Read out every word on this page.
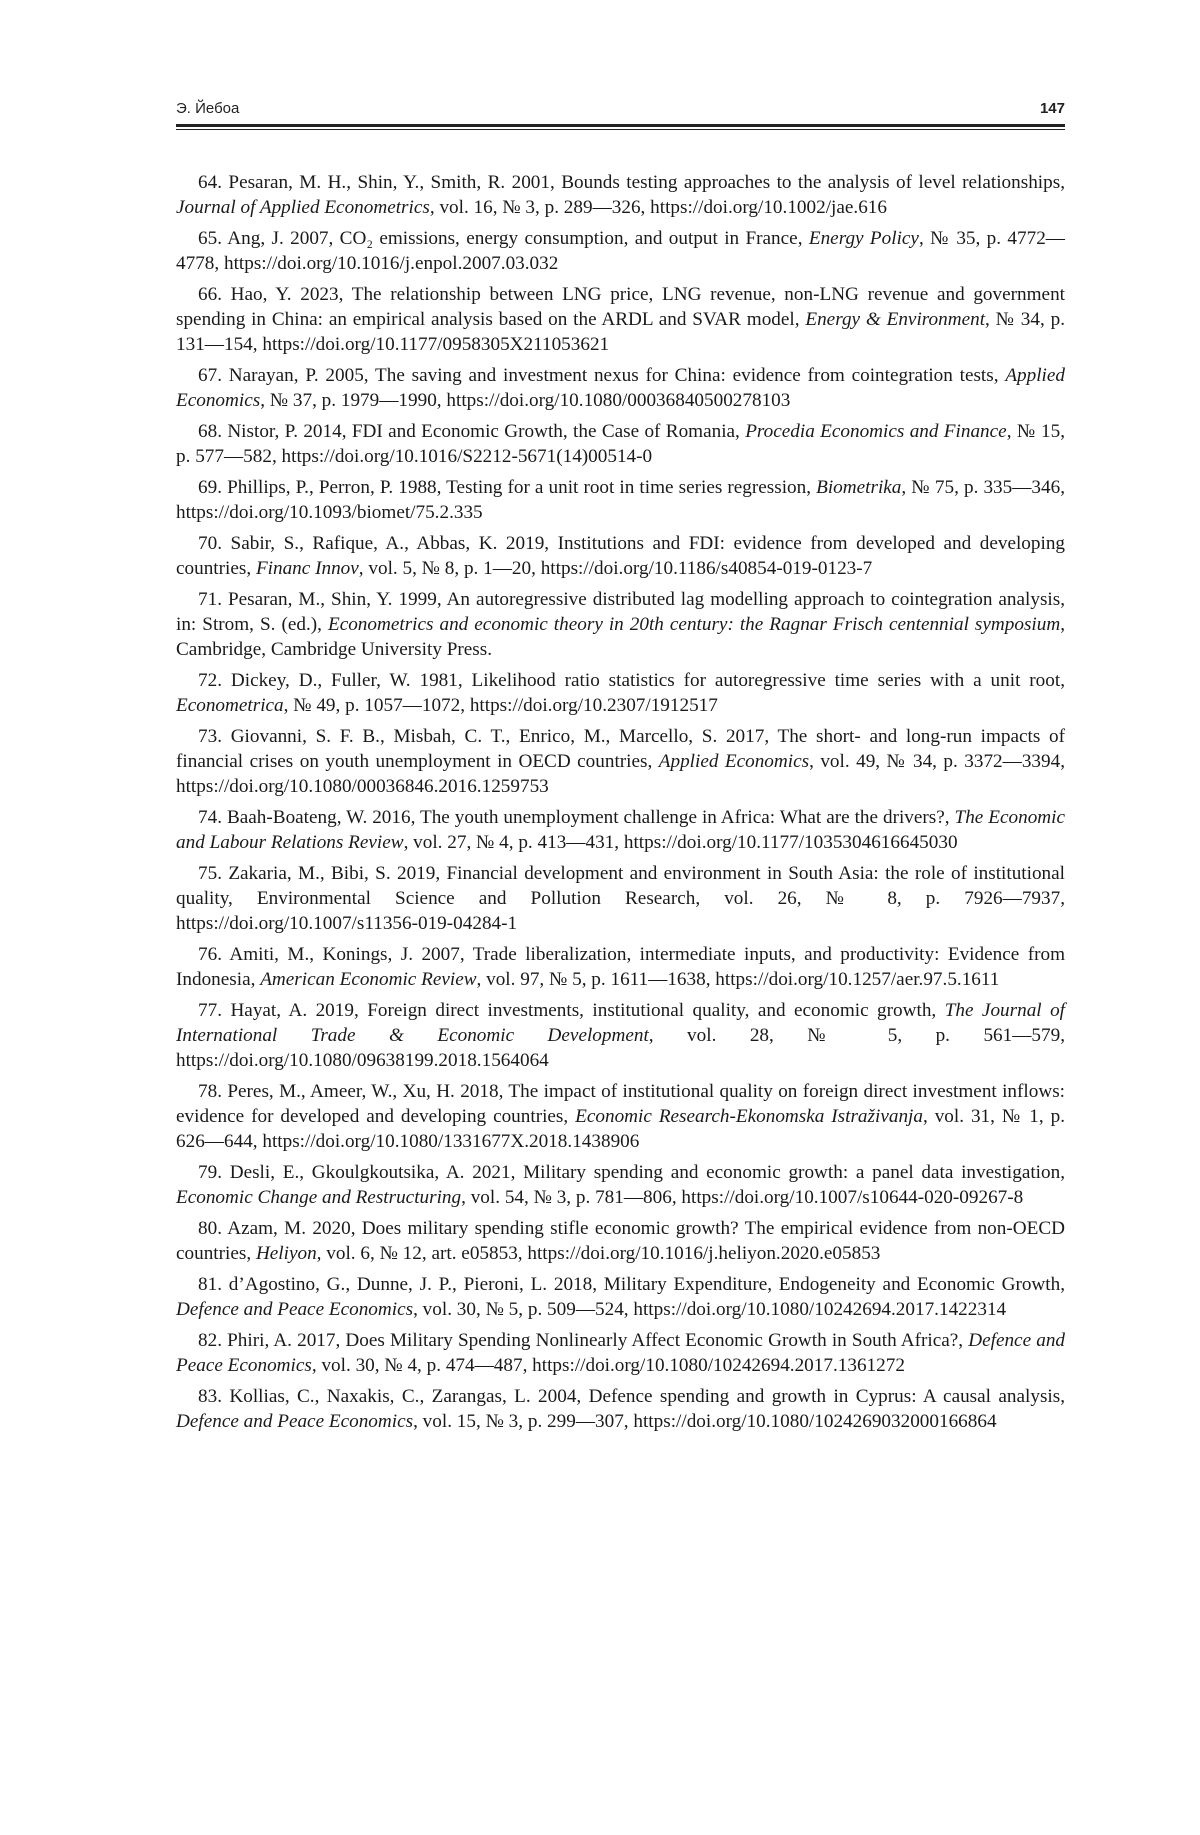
Э. Йебоа	147

64. Pesaran, M. H., Shin, Y., Smith, R. 2001, Bounds testing approaches to the analysis of level relationships, Journal of Applied Econometrics, vol. 16, № 3, p. 289—326, https://doi.org/10.1002/jae.616

65. Ang, J. 2007, CO₂ emissions, energy consumption, and output in France, Energy Policy, № 35, p. 4772—4778, https://doi.org/10.1016/j.enpol.2007.03.032

66. Hao, Y. 2023, The relationship between LNG price, LNG revenue, non-LNG revenue and government spending in China: an empirical analysis based on the ARDL and SVAR model, Energy & Environment, № 34, p. 131—154, https://doi.org/10.1177/0958305X211053621

67. Narayan, P. 2005, The saving and investment nexus for China: evidence from cointegration tests, Applied Economics, № 37, p. 1979—1990, https://doi.org/10.1080/00036840500278103

68. Nistor, P. 2014, FDI and Economic Growth, the Case of Romania, Procedia Economics and Finance, № 15, p. 577—582, https://doi.org/10.1016/S2212-5671(14)00514-0

69. Phillips, P., Perron, P. 1988, Testing for a unit root in time series regression, Biometrika, № 75, p. 335—346, https://doi.org/10.1093/biomet/75.2.335

70. Sabir, S., Rafique, A., Abbas, K. 2019, Institutions and FDI: evidence from developed and developing countries, Financ Innov, vol. 5, № 8, p. 1—20, https://doi.org/10.1186/s40854-019-0123-7

71. Pesaran, M., Shin, Y. 1999, An autoregressive distributed lag modelling approach to cointegration analysis, in: Strom, S. (ed.), Econometrics and economic theory in 20th century: the Ragnar Frisch centennial symposium, Cambridge, Cambridge University Press.

72. Dickey, D., Fuller, W. 1981, Likelihood ratio statistics for autoregressive time series with a unit root, Econometrica, № 49, p. 1057—1072, https://doi.org/10.2307/1912517

73. Giovanni, S. F. B., Misbah, C. T., Enrico, M., Marcello, S. 2017, The short- and long-run impacts of financial crises on youth unemployment in OECD countries, Applied Economics, vol. 49, № 34, p. 3372—3394, https://doi.org/10.1080/00036846.2016.1259753

74. Baah-Boateng, W. 2016, The youth unemployment challenge in Africa: What are the drivers?, The Economic and Labour Relations Review, vol. 27, № 4, p. 413—431, https://doi.org/10.1177/1035304616645030

75. Zakaria, M., Bibi, S. 2019, Financial development and environment in South Asia: the role of institutional quality, Environmental Science and Pollution Research, vol. 26, № 8, p. 7926—7937, https://doi.org/10.1007/s11356-019-04284-1

76. Amiti, M., Konings, J. 2007, Trade liberalization, intermediate inputs, and productivity: Evidence from Indonesia, American Economic Review, vol. 97, № 5, p. 1611—1638, https://doi.org/10.1257/aer.97.5.1611

77. Hayat, A. 2019, Foreign direct investments, institutional quality, and economic growth, The Journal of International Trade & Economic Development, vol. 28, № 5, p. 561—579, https://doi.org/10.1080/09638199.2018.1564064

78. Peres, M., Ameer, W., Xu, H. 2018, The impact of institutional quality on foreign direct investment inflows: evidence for developed and developing countries, Economic Research-Ekonomska Istraživanja, vol. 31, № 1, p. 626—644, https://doi.org/10.1080/1331677X.2018.1438906

79. Desli, E., Gkoulgkoutsika, A. 2021, Military spending and economic growth: a panel data investigation, Economic Change and Restructuring, vol. 54, № 3, p. 781—806, https://doi.org/10.1007/s10644-020-09267-8

80. Azam, M. 2020, Does military spending stifle economic growth? The empirical evidence from non-OECD countries, Heliyon, vol. 6, № 12, art. e05853, https://doi.org/10.1016/j.heliyon.2020.e05853

81. d’Agostino, G., Dunne, J. P., Pieroni, L. 2018, Military Expenditure, Endogeneity and Economic Growth, Defence and Peace Economics, vol. 30, № 5, p. 509—524, https://doi.org/10.1080/10242694.2017.1422314

82. Phiri, A. 2017, Does Military Spending Nonlinearly Affect Economic Growth in South Africa?, Defence and Peace Economics, vol. 30, № 4, p. 474—487, https://doi.org/10.1080/10242694.2017.1361272

83. Kollias, C., Naxakis, C., Zarangas, L. 2004, Defence spending and growth in Cyprus: A causal analysis, Defence and Peace Economics, vol. 15, № 3, p. 299—307, https://doi.org/10.1080/1024269032000166864
